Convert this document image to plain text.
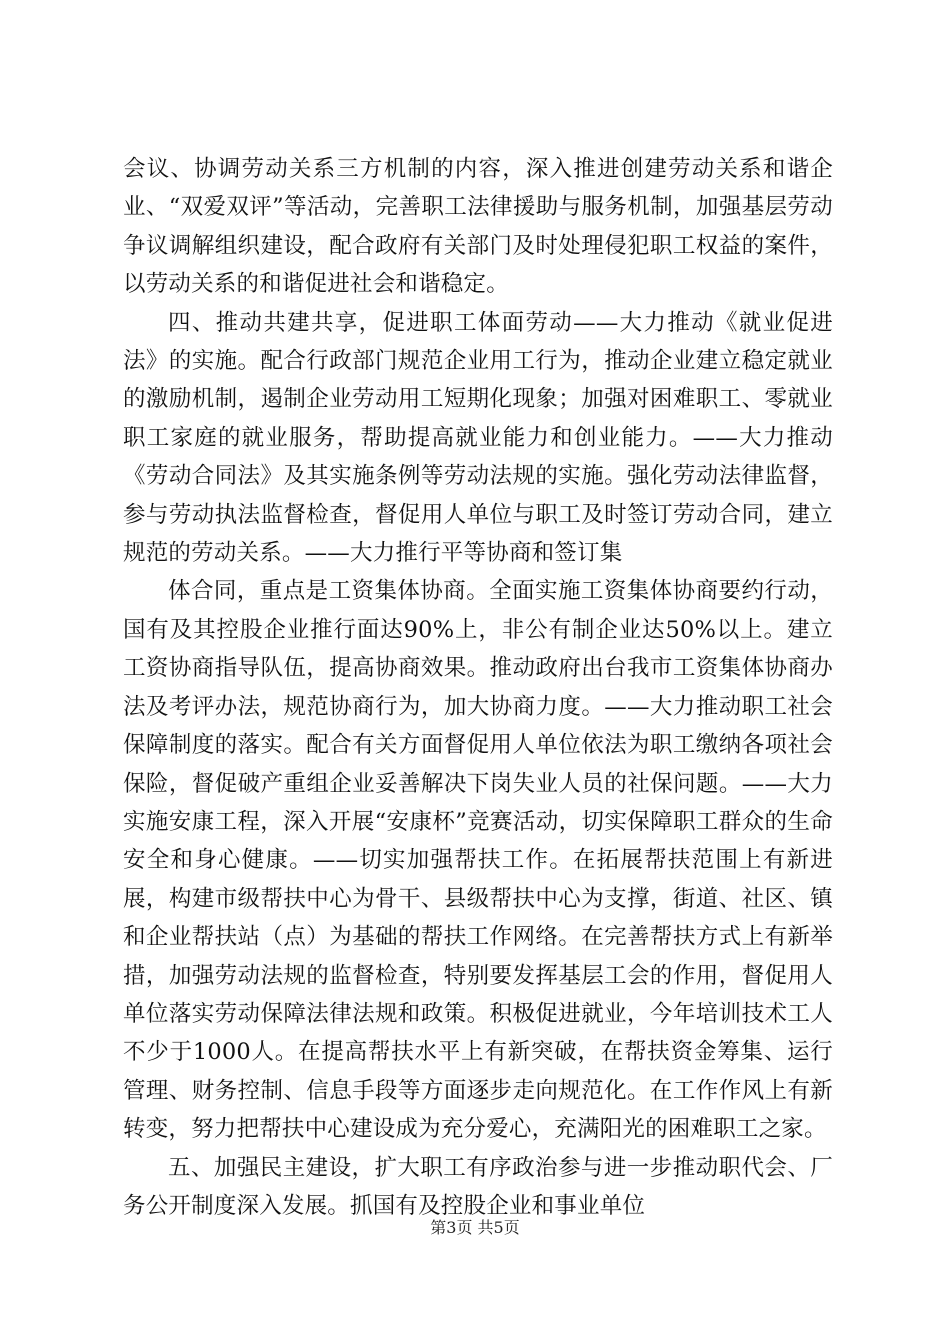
会议、协调劳动关系三方机制的内容，深入推进创建劳动关系和谐企业、“双爱双评”等活动，完善职工法律援助与服务机制，加强基层劳动争议调解组织建设，配合政府有关部门及时处理侵犯职工权益的案件，以劳动关系的和谐促进社会和谐稳定。

四、推动共建共享，促进职工体面劳动——大力推动《就业促进法》的实施。配合行政部门规范企业用工行为，推动企业建立稳定就业的激励机制，遏制企业劳动用工短期化现象；加强对困难职工、零就业职工家庭的就业服务，帮助提高就业能力和创业能力。——大力推动《劳动合同法》及其实施条例等劳动法规的实施。强化劳动法律监督，参与劳动执法监督检查，督促用人单位与职工及时签订劳动合同，建立规范的劳动关系。——大力推行平等协商和签订集

体合同，重点是工资集体协商。全面实施工资集体协商要约行动，国有及其控股企业推行面达90%上，非公有制企业达50%以上。建立工资协商指导队伍，提高协商效果。推动政府出台我市工资集体协商办法及考评办法，规范协商行为，加大协商力度。——大力推动职工社会保障制度的落实。配合有关方面督促用人单位依法为职工缴纳各项社会保险，督促破产重组企业妥善解决下岗失业人员的社保问题。——大力实施安康工程，深入开展“安康杯”竞赛活动，切实保障职工群众的生命安全和身心健康。——切实加强帮扶工作。在拓展帮扶范围上有新进展，构建市级帮扶中心为骨干、县级帮扶中心为支撑，街道、社区、镇和企业帮扶站（点）为基础的帮扶工作网络。在完善帮扶方式上有新举措，加强劳动法规的监督检查，特别要发挥基层工会的作用，督促用人单位落实劳动保障法律法规和政策。积极促进就业，今年培训技术工人不少于1000人。在提高帮扶水平上有新突破，在帮扶资金筹集、运行管理、财务控制、信息手段等方面逐步走向规范化。在工作作风上有新转变，努力把帮扶中心建设成为充分爱心，充满阳光的困难职工之家。

五、加强民主建设，扩大职工有序政治参与进一步推动职代会、厂务公开制度深入发展。抓国有及控股企业和事业单位

第3页 共5页
